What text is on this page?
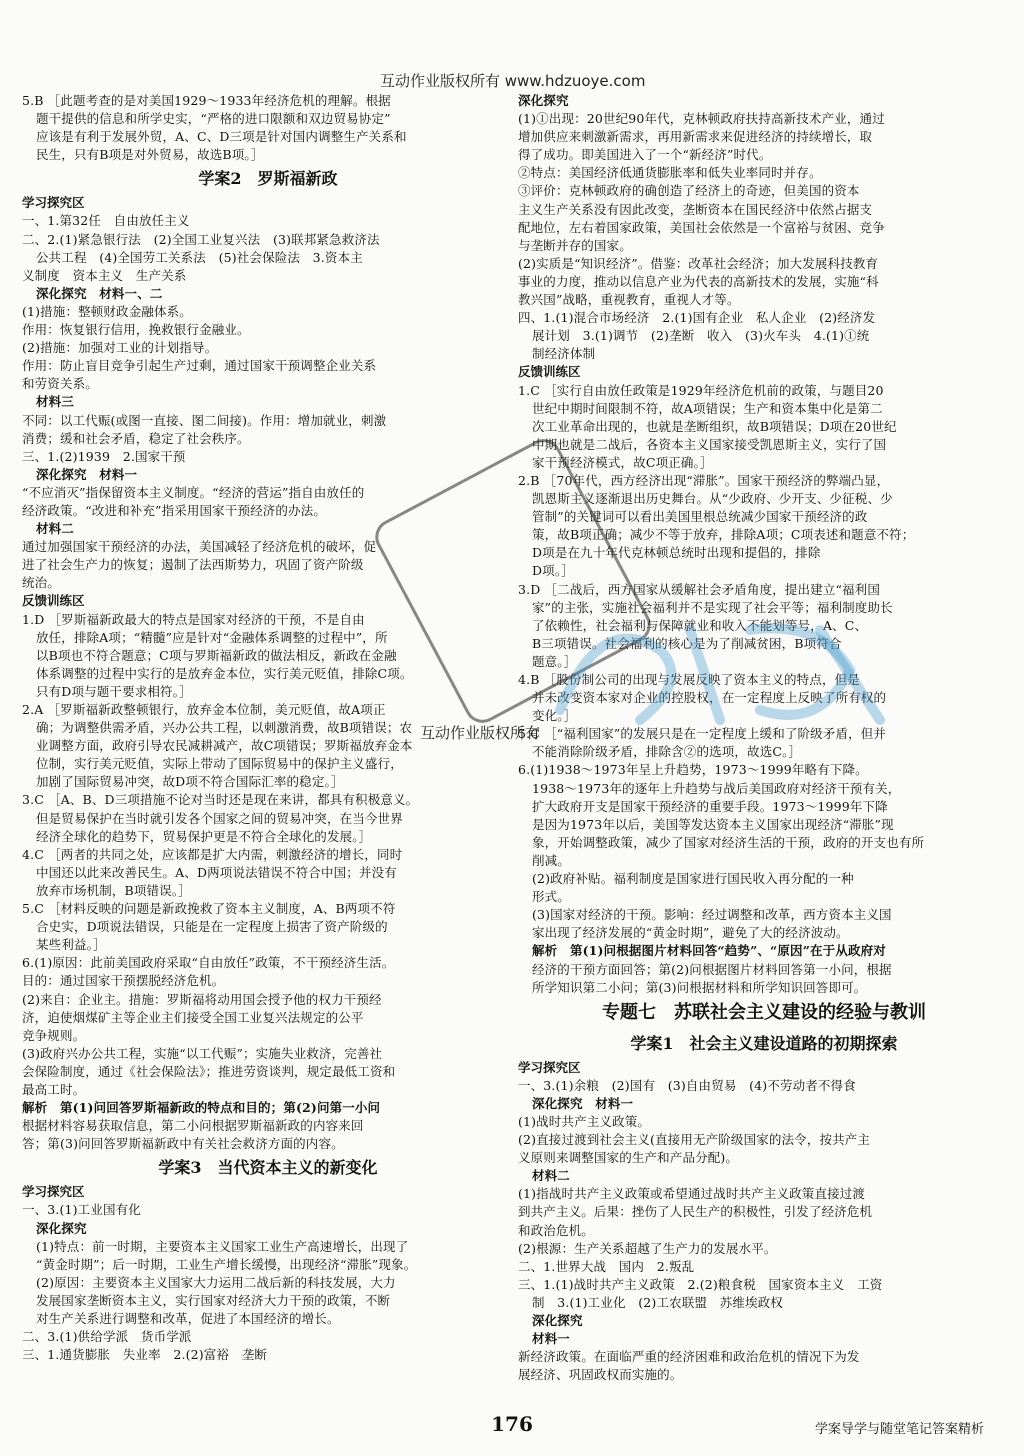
互动作业版权所有 www.hdzuoye.com
5.B ［此题考查的是对美国1929～1933年经济危机的理解。根据
题干提供的信息和所学史实，“严格的进口限额和双边贸易协定”
应该是有利于发展外贸，A、C、D三项是针对国内调整生产关系和
民生，只有B项是对外贸易，故选B项。］
学案2　罗斯福新政
学习探究区
一、1.第32任　自由放任主义
二、2.(1)紧急银行法　(2)全国工业复兴法　(3)联邦紧急救济法
公共工程　(4)全国劳工关系法　(5)社会保险法　3.资本主
义制度　资本主义　生产关系
深化探究　材料一、二
(1)措施：整顿财政金融体系。
作用：恢复银行信用，挽救银行金融业。
(2)措施：加强对工业的计划指导。
作用：防止盲目竞争引起生产过剩，通过国家干预调整企业关系
和劳资关系。
材料三
不同：以工代赈(或图一直接、图二间接)。作用：增加就业，刺激
消费；缓和社会矛盾，稳定了社会秩序。
三、1.(2)1939　2.国家干预
深化探究　材料一
“不应消灭”指保留资本主义制度。“经济的营运”指自由放任的
经济政策。“改进和补充”指采用国家干预经济的办法。
材料二
通过加强国家干预经济的办法，美国减轻了经济危机的破坏，促
进了社会生产力的恢复；遏制了法西斯势力，巩固了资产阶级
统治。
反馈训练区
1.D ［罗斯福新政最大的特点是国家对经济的干预，不是自由
放任，排除A项；“精髓”应是针对“金融体系调整的过程中”，所
以B项也不符合题意；C项与罗斯福新政的做法相反，新政在金融
体系调整的过程中实行的是放弃金本位，实行美元贬值，排除C项。
只有D项与题干要求相符。］
2.A ［罗斯福新政整顿银行，放弃金本位制，美元贬值，故A项正
确；为调整供需矛盾，兴办公共工程，以刺激消费，故B项错误；农
业调整方面，政府引导农民减耕减产，故C项错误；罗斯福放弃金本
位制，实行美元贬值，实际上带动了国际贸易中的保护主义盛行，
加剧了国际贸易冲突，故D项不符合国际汇率的稳定。］
3.C ［A、B、D三项措施不论对当时还是现在来讲，都具有积极意义。
但是贸易保护在当时就引发各个国家之间的贸易冲突，在当今世界
经济全球化的趋势下，贸易保护更是不符合全球化的发展。］
4.C ［两者的共同之处，应该都是扩大内需，刺激经济的增长，同时
中国还以此来改善民生。A、D两项说法错误不符合中国；并没有
放弃市场机制，B项错误。］
5.C ［材料反映的问题是新政挽救了资本主义制度，A、B两项不符
合史实，D项说法错误，只能是在一定程度上损害了资产阶级的
某些利益。］
6.(1)原因：此前美国政府采取“自由放任”政策，不干预经济生活。
目的：通过国家干预摆脱经济危机。
(2)来自：企业主。措施：罗斯福将动用国会授予他的权力干预经
济，迫使烟煤矿主等企业主们接受全国工业复兴法规定的公平
竞争规则。
(3)政府兴办公共工程，实施“以工代赈”；实施失业救济，完善社
会保险制度，通过《社会保险法》；推进劳资谈判，规定最低工资和
最高工时。
解析　第(1)问回答罗斯福新政的特点和目的；第(2)问第一小问
根据材料容易获取信息，第二小问根据罗斯福新政的内容来回
答；第(3)问回答罗斯福新政中有关社会救济方面的内容。
学案3　当代资本主义的新变化
学习探究区
一、3.(1)工业国有化
深化探究
(1)特点：前一时期，主要资本主义国家工业生产高速增长，出现了
“黄金时期”；后一时期，工业生产增长缓慢，出现经济“滞胀”现象。
(2)原因：主要资本主义国家大力运用二战后新的科技发展，大力
发展国家垄断资本主义，实行国家对经济大力干预的政策，不断
对生产关系进行调整和改革，促进了本国经济的增长。
二、3.(1)供给学派　货币学派
三、1.通货膨胀　失业率　2.(2)富裕　垄断
深化探究
(1)①出现：20世纪90年代，克林顿政府扶持高新技术产业，通过
增加供应来刺激新需求，再用新需求来促进经济的持续增长，取
得了成功。即美国进入了一个“新经济”时代。
②特点：美国经济低通货膨胀率和低失业率同时并存。
③评价：克林顿政府的确创造了经济上的奇迹，但美国的资本
主义生产关系没有因此改变，垄断资本在国民经济中依然占据支
配地位，左右着国家政策，美国社会依然是一个富裕与贫困、竞争
与垄断并存的国家。
(2)实质是“知识经济”。借鉴：改革社会经济；加大发展科技教育
事业的力度，推动以信息产业为代表的高新技术的发展，实施“科
教兴国”战略，重视教育，重视人才等。
四、1.(1)混合市场经济　2.(1)国有企业　私人企业　(2)经济发
展计划　3.(1)调节　(2)垄断　收入　(3)火车头　4.(1)①统
制经济体制
反馈训练区
1.C ［实行自由放任政策是1929年经济危机前的政策，与题目20
世纪中期时间限制不符，故A项错误；生产和资本集中化是第二
次工业革命出现的，也就是垄断组织，故B项错误；D项在20世纪
中期也就是二战后，各资本主义国家接受凯恩斯主义，实行了国
家干预经济模式，故C项正确。］
2.B ［70年代，西方经济出现“滞胀”。国家干预经济的弊端凸显，
凯恩斯主义逐渐退出历史舞台。从“少政府、少开支、少征税、少
管制”的关键词可以看出美国里根总统减少国家干预经济的政
策，故B项正确；减少不等于放弃，排除A项；C项表述和题意不符；
D项是在九十年代克林顿总统时出现和提倡的，排除
D项。］
3.D ［二战后，西方国家从缓解社会矛盾角度，提出建立“福利国
家”的主张，实施社会福利并不是实现了社会平等；福利制度助长
了依赖性，社会福利与保障就业和收入不能划等号，A、C、
B三项错误。社会福利的核心是为了削减贫困，B项符合
题意。］
4.B ［股份制公司的出现与发展反映了资本主义的特点，但是
并未改变资本家对企业的控股权，在一定程度上反映了所有权的
变化。］
5.C ［“福利国家”的发展只是在一定程度上缓和了阶级矛盾，但并
不能消除阶级矛盾，排除含②的选项，故选C。］
6.(1)1938～1973年呈上升趋势，1973～1999年略有下降。
1938～1973年的逐年上升趋势与战后美国政府对经济干预有关，
扩大政府开支是国家干预经济的重要手段。1973～1999年下降
是因为1973年以后，美国等发达资本主义国家出现经济“滞胀”现
象，开始调整政策，减少了国家对经济生活的干预，政府的开支也有所
削减。
(2)政府补贴。福利制度是国家进行国民收入再分配的一种
形式。
(3)国家对经济的干预。影响：经过调整和改革，西方资本主义国
家出现了经济发展的“黄金时期”，避免了大的经济波动。
解析　第(1)问根据图片材料回答“趋势”、“原因”在于从政府对
经济的干预方面回答；第(2)问根据图片材料回答第一小问，根据
所学知识第二小问；第(3)问根据材料和所学知识回答即可。
专题七　苏联社会主义建设的经验与教训
学案1　社会主义建设道路的初期探索
学习探究区
一、3.(1)余粮　(2)国有　(3)自由贸易　(4)不劳动者不得食
深化探究　材料一
(1)战时共产主义政策。
(2)直接过渡到社会主义(直接用无产阶级国家的法令，按共产主
义原则来调整国家的生产和产品分配)。
材料二
(1)指战时共产主义政策或希望通过战时共产主义政策直接过渡
到共产主义。后果：挫伤了人民生产的积极性，引发了经济危机
和政治危机。
(2)根源：生产关系超越了生产力的发展水平。
二、1.世界大战　国内　2.叛乱
三、1.(1)战时共产主义政策　2.(2)粮食税　国家资本主义　工资
制　3.(1)工业化　(2)工农联盟　苏维埃政权
深化探究
材料一
新经济政策。在面临严重的经济困难和政治危机的情况下为发
展经济、巩固政权而实施的。
互动作业版权所有
176	学案导学与随堂笔记答案精析
